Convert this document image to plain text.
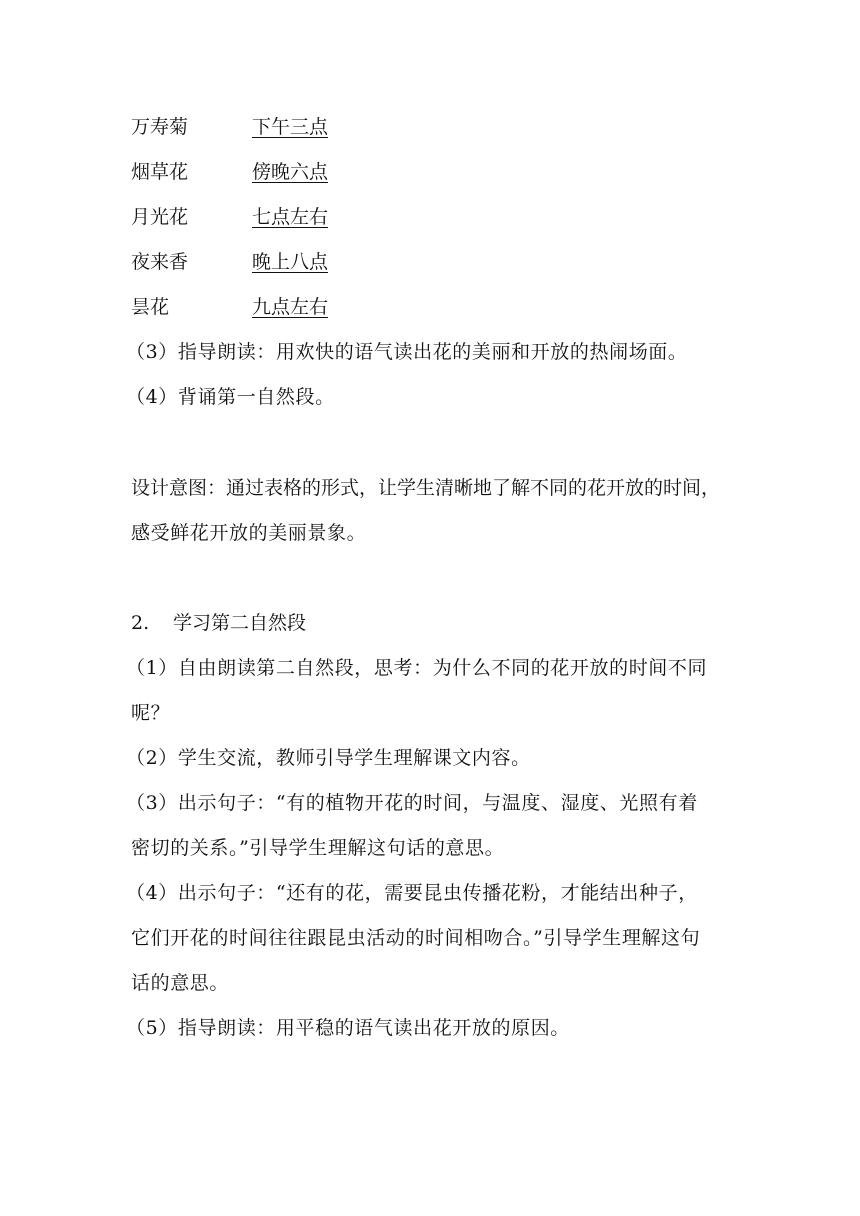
万寿菊	下午三点
烟草花	傍晚六点
月光花	七点左右
夜来香	晚上八点
昙花	九点左右
（3）指导朗读：用欢快的语气读出花的美丽和开放的热闹场面。
（4）背诵第一自然段。
设计意图：通过表格的形式，让学生清晰地了解不同的花开放的时间，
感受鲜花开放的美丽景象。
2. 学习第二自然段
（1）自由朗读第二自然段，思考：为什么不同的花开放的时间不同
呢？
（2）学生交流，教师引导学生理解课文内容。
（3）出示句子：“有的植物开花的时间，与温度、湿度、光照有着
密切的关系。”引导学生理解这句话的意思。
（4）出示句子：“还有的花，需要昆虫传播花粉，才能结出种子，
它们开花的时间往往跟昆虫活动的时间相吻合。”引导学生理解这句
话的意思。
（5）指导朗读：用平稳的语气读出花开放的原因。
